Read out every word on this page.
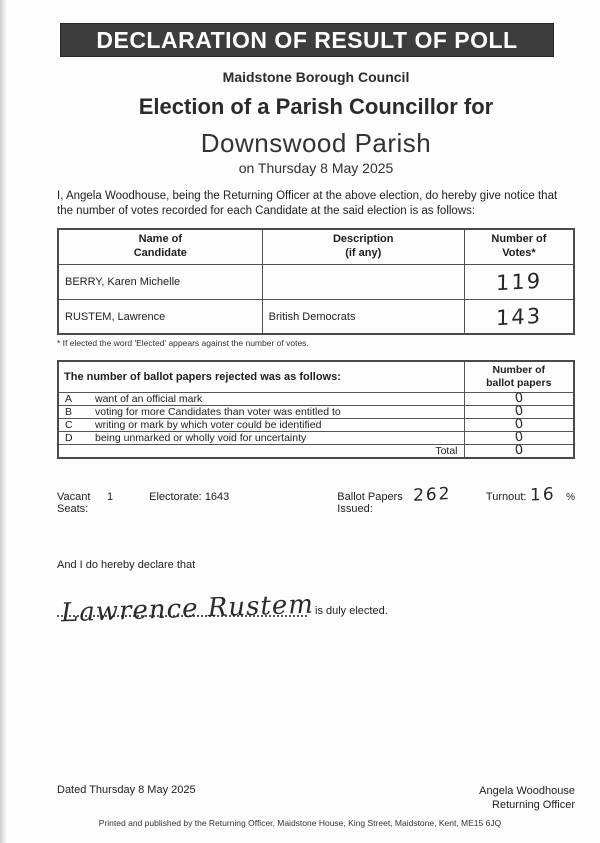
DECLARATION OF RESULT OF POLL
Maidstone Borough Council
Election of a Parish Councillor for
Downswood Parish
on Thursday 8 May 2025
I, Angela Woodhouse, being the Returning Officer at the above election, do hereby give notice that the number of votes recorded for each Candidate at the said election is as follows:
Name of
Candidate

Description
(if any)

Number of
Votes*

BERRY, Karen Michelle		119
RUSTEM, Lawrence	British Democrats	143
* If elected the word 'Elected' appears against the number of votes.
The number of ballot papers rejected was as follows:		Number of
ballot papers

A	want of an official mark	0
B	voting for more Candidates than voter was entitled to	0
C	writing or mark by which voter could be identified	0
D	being unmarked or wholly void for uncertainty	0
Total		0
Vacant Seats:

1	Electorate:
1643	Ballot Papers Issued:
262	Turnout: 16 %
And I do hereby declare that
Lawrence Rustem is duly elected.
Dated Thursday 8 May 2025	Angela Woodhouse
Returning Officer
Printed and published by the Returning Officer, Maidstone House, King Street, Maidstone, Kent, ME15 6JQ
